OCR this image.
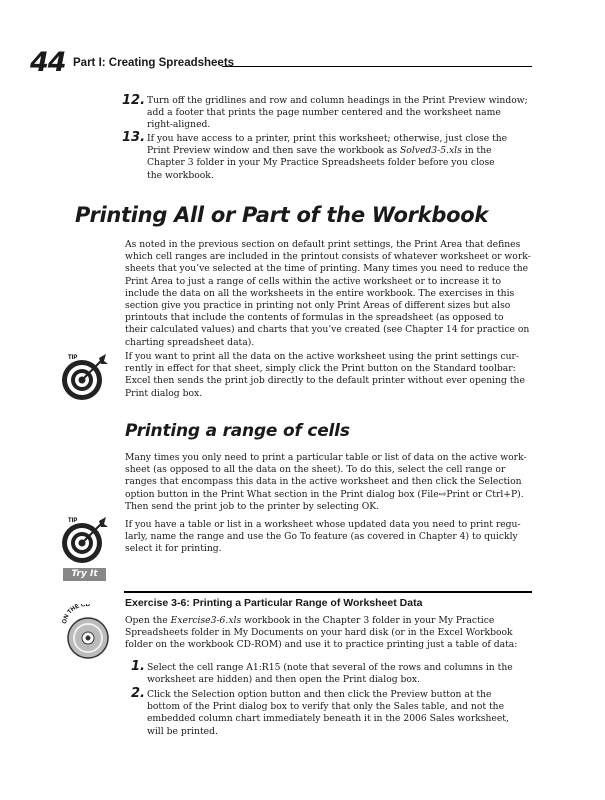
44 Part I: Creating Spreadsheets
12. Turn off the gridlines and row and column headings in the Print Preview window;
add a footer that prints the page number centered and the worksheet name
right-aligned.
13. If you have access to a printer, print this worksheet; otherwise, just close the
Print Preview window and then save the workbook as Solved3-5.xls in the
Chapter 3 folder in your My Practice Spreadsheets folder before you close
the workbook.
Printing All or Part of the Workbook
As noted in the previous section on default print settings, the Print Area that defines
which cell ranges are included in the printout consists of whatever worksheet or work-
sheets that you’ve selected at the time of printing. Many times you need to reduce the
Print Area to just a range of cells within the active worksheet or to increase it to
include the data on all the worksheets in the entire workbook. The exercises in this
section give you practice in printing not only Print Areas of different sizes but also
printouts that include the contents of formulas in the spreadsheet (as opposed to
their calculated values) and charts that you’ve created (see Chapter 14 for practice on
charting spreadsheet data).
TIP	If you want to print all the data on the active worksheet using the print settings cur-
rently in effect for that sheet, simply click the Print button on the Standard toolbar:
Excel then sends the print job directly to the default printer without ever opening the
Print dialog box.
Printing a range of cells
Many times you only need to print a particular table or list of data on the active work-
sheet (as opposed to all the data on the sheet). To do this, select the cell range or
ranges that encompass this data in the active worksheet and then click the Selection
option button in the Print What section in the Print dialog box (File⇨Print or Ctrl+P).
Then send the print job to the printer by selecting OK.
TIP	If you have a table or list in a worksheet whose updated data you need to print regu-
larly, name the range and use the Go To feature (as covered in Chapter 4) to quickly
select it for printing.
Try It
Exercise 3-6: Printing a Particular Range of Worksheet Data
ON THE CD
Open the Exercise3-6.xls workbook in the Chapter 3 folder in your My Practice
Spreadsheets folder in My Documents on your hard disk (or in the Excel Workbook
folder on the workbook CD-ROM) and use it to practice printing just a table of data:
1. Select the cell range A1:R15 (note that several of the rows and columns in the
worksheet are hidden) and then open the Print dialog box.
2. Click the Selection option button and then click the Preview button at the
bottom of the Print dialog box to verify that only the Sales table, and not the
embedded column chart immediately beneath it in the 2006 Sales worksheet,
will be printed.
